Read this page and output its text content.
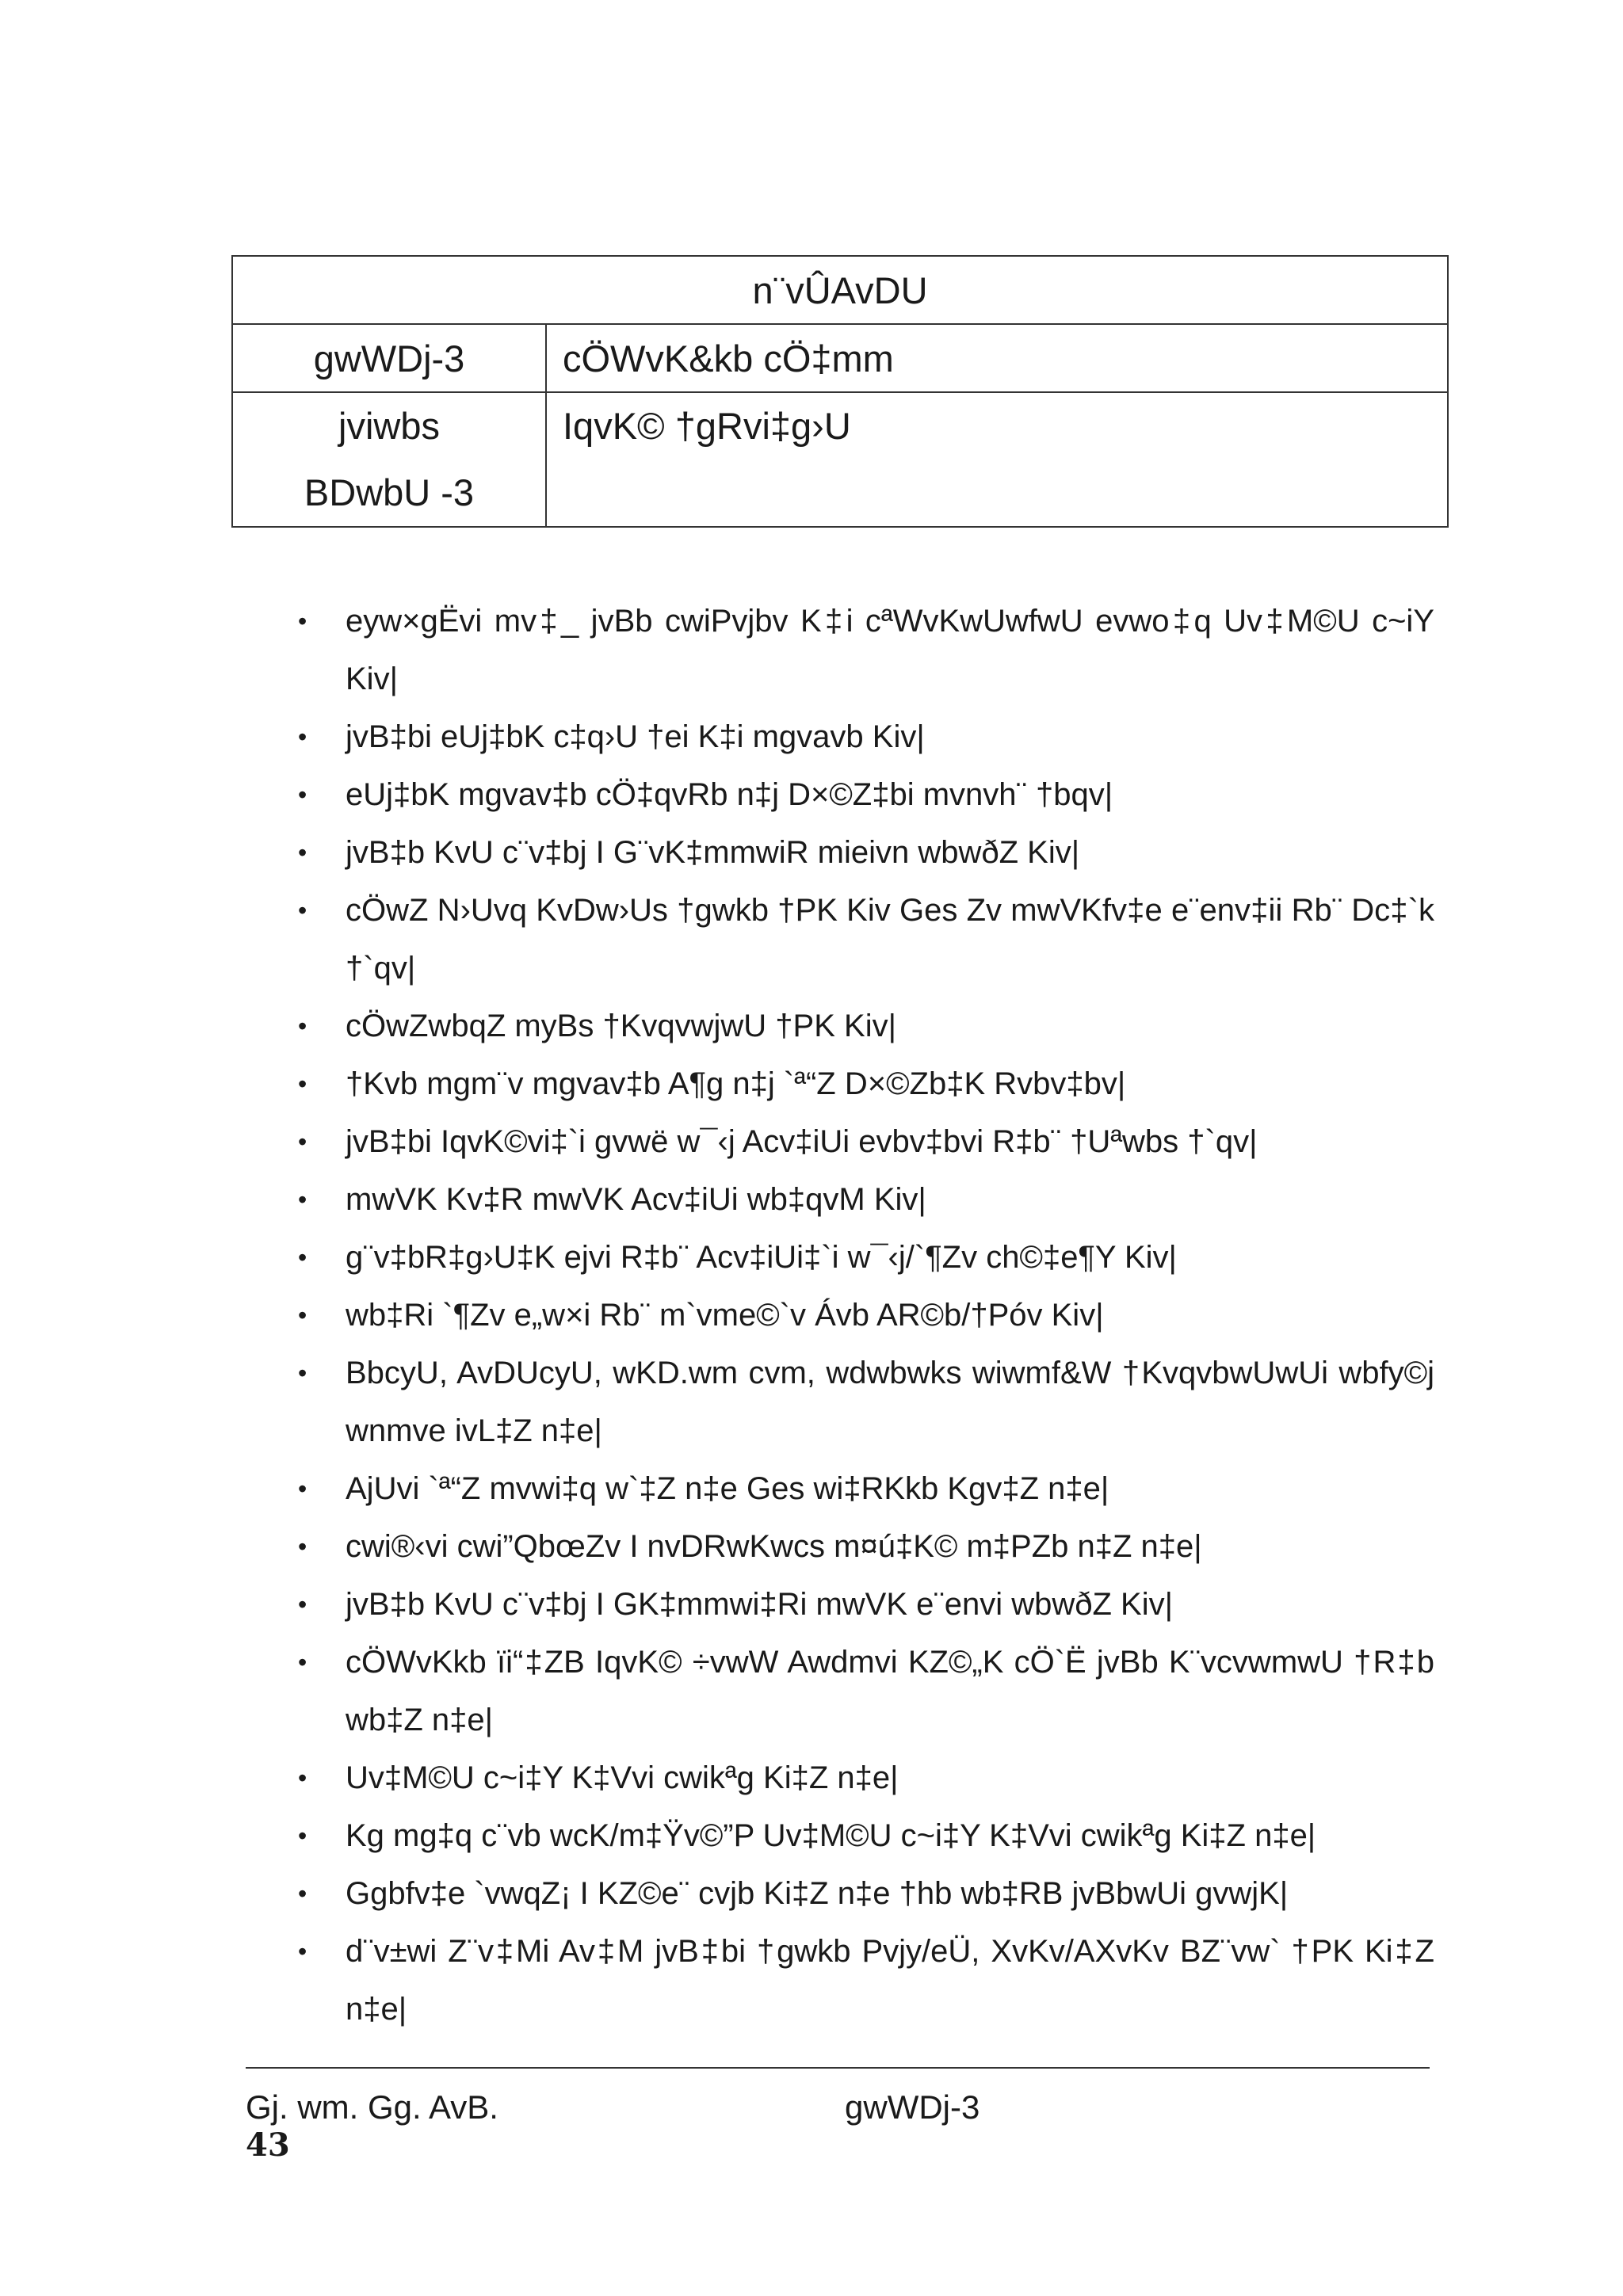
n¨vÛAvDU	
gwWDj-3	cÖWvK&kb cÖ‡mm

jviwbs
BDwbU -3	IqvK© †gRvi‡g›U
• eyw×gËvi mv‡_ jvBb cwiPvjbv K‡i cªWvKwUwfwU evwo‡q Uv‡M©U c~iY Kiv|
• jvB‡bi eUj‡bK c‡q›U †ei K‡i mgvavb Kiv|
• eUj‡bK mgvav‡b cÖ‡qvRb n‡j D×©Z‡bi mvnvh¨ †bqv|
• jvB‡b KvU c¨v‡bj I G¨vK‡mmwiR mieivn wbwðZ Kiv|
• cÖwZ N›Uvq KvDw›Us †gwkb †PK Kiv Ges Zv mwVKfv‡e e¨env‡ii Rb¨ Dc‡`k †`qv|
• cÖwZwbqZ myBs †KvqvwjwU †PK Kiv|
• †Kvb mgm¨v mgvav‡b A¶g n‡j `ª“Z D×©Zb‡K Rvbv‡bv|
• jvB‡bi IqvK©vi‡`i gvwë w¯‹j Acv‡iUi evbv‡bvi R‡b¨ †Uªwbs †`qv|
• mwVK Kv‡R mwVK Acv‡iUi wb‡qvM Kiv|
• g¨v‡bR‡g›U‡K ejvi R‡b¨ Acv‡iUi‡`i w¯‹j/`¶Zv ch©‡e¶Y Kiv|
• wb‡Ri `¶Zv e„w×i Rb¨ m`vme©`v Ávb AR©b/†Póv Kiv|
• BbcyU, AvDUcyU, wKD.wm cvm, wdwbwks wiwmf&W †KvqvbwUwUi wbfy©j wnmve ivL‡Z n‡e|
• AjUvi `ª“Z mvwi‡q w`‡Z n‡e Ges wi‡RKkb Kgv‡Z n‡e|
• cwi®‹vi cwi”QbœZv I nvDRwKwcs m¤ú‡K© m‡PZb n‡Z n‡e|
• jvB‡b KvU c¨v‡bj I GK‡mmwi‡Ri mwVK e¨envi wbwðZ Kiv|
• cÖWvKkb ïi“‡ZB IqvK© ÷vwW Awdmvi KZ©„K cÖ`Ë jvBb K¨vcvwmwU †R‡b wb‡Z n‡e|
• Uv‡M©U c~i‡Y K‡Vvi cwikªg Ki‡Z n‡e|
• Kg mg‡q c¨vb wcK/m‡Ÿv©”P Uv‡M©U c~i‡Y K‡Vvi cwikªg Ki‡Z n‡e|
• Ggbfv‡e `vwqZ¡ I KZ©e¨ cvjb Ki‡Z n‡e †hb wb‡RB jvBbwUi gvwjK|
• d¨v±wi Z¨v‡Mi Av‡M jvB‡bi †gwkb Pvjy/eÜ, XvKv/AXvKv BZ¨vw` †PK Ki‡Z n‡e|
Gj. wm. Gg. AvB.	gwWDj-3
43
